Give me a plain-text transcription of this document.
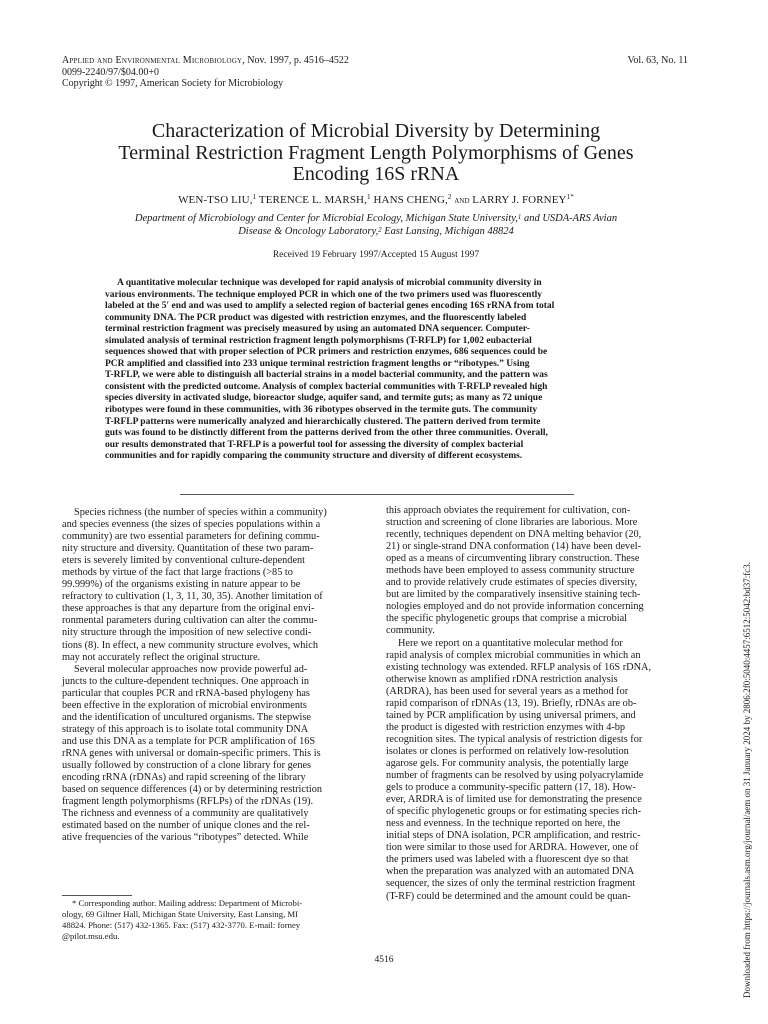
Applied and Environmental Microbiology, Nov. 1997, p. 4516–4522
0099-2240/97/$04.00+0
Copyright © 1997, American Society for Microbiology
Vol. 63, No. 11
Characterization of Microbial Diversity by Determining
Terminal Restriction Fragment Length Polymorphisms of Genes
Encoding 16S rRNA
WEN-TSO LIU,$^1$ TERENCE L. MARSH,$^1$ HANS CHENG,$^2$ and LARRY J. $FORNEY^{1*}$
Department of Microbiology and Center for Microbial Ecology, Michigan State University,$^1$ and USDA-ARS Avian
Disease & Oncology Laboratory,$^2$ East Lansing, Michigan 48824
Received 19 February 1997/Accepted 15 August 1997
A quantitative molecular technique was developed for rapid analysis of microbial community diversity in
various environments. The technique employed PCR in which one of the two primers used was fluorescently
labeled at the 5′ end and was used to amplify a selected region of bacterial genes encoding 16S rRNA from total
community DNA. The PCR product was digested with restriction enzymes, and the fluorescently labeled
terminal restriction fragment was precisely measured by using an automated DNA sequencer. Computer-
simulated analysis of terminal restriction fragment length polymorphisms (T-RFLP) for 1,002 eubacterial
sequences showed that with proper selection of PCR primers and restriction enzymes, 686 sequences could be
PCR amplified and classified into 233 unique terminal restriction fragment lengths or “ribotypes.” Using
T-RFLP, we were able to distinguish all bacterial strains in a model bacterial community, and the pattern was
consistent with the predicted outcome. Analysis of complex bacterial communities with T-RFLP revealed high
species diversity in activated sludge, bioreactor sludge, aquifer sand, and termite guts; as many as 72 unique
ribotypes were found in these communities, with 36 ribotypes observed in the termite guts. The community
T-RFLP patterns were numerically analyzed and hierarchically clustered. The pattern derived from termite
guts was found to be distinctly different from the patterns derived from the other three communities. Overall,
our results demonstrated that T-RFLP is a powerful tool for assessing the diversity of complex bacterial
communities and for rapidly comparing the community structure and diversity of different ecosystems.
Species richness (the number of species within a community)
and species evenness (the sizes of species populations within a
community) are two essential parameters for defining commu-
nity structure and diversity. Quantitation of these two param-
eters is severely limited by conventional culture-dependent
methods by virtue of the fact that large fractions (>85 to
99.999%) of the organisms existing in nature appear to be
refractory to cultivation (1, 3, 11, 30, 35). Another limitation of
these approaches is that any departure from the original envi-
ronmental parameters during cultivation can alter the commu-
nity structure through the imposition of new selective condi-
tions (8). In effect, a new community structure evolves, which
may not accurately reflect the original structure.
Several molecular approaches now provide powerful ad-
juncts to the culture-dependent techniques. One approach in
particular that couples PCR and rRNA-based phylogeny has
been effective in the exploration of microbial environments
and the identification of uncultured organisms. The stepwise
strategy of this approach is to isolate total community DNA
and use this DNA as a template for PCR amplification of 16S
rRNA genes with universal or domain-specific primers. This is
usually followed by construction of a clone library for genes
encoding rRNA (rDNAs) and rapid screening of the library
based on sequence differences (4) or by determining restriction
fragment length polymorphisms (RFLPs) of the rDNAs (19).
The richness and evenness of a community are qualitatively
estimated based on the number of unique clones and the rel-
ative frequencies of the various “ribotypes” detected. While
this approach obviates the requirement for cultivation, con-
struction and screening of clone libraries are laborious. More
recently, techniques dependent on DNA melting behavior (20,
21) or single-strand DNA conformation (14) have been devel-
oped as a means of circumventing library construction. These
methods have been employed to assess community structure
and to provide relatively crude estimates of species diversity,
but are limited by the comparatively insensitive staining tech-
nologies employed and do not provide information concerning
the specific phylogenetic groups that comprise a microbial
community.
Here we report on a quantitative molecular method for
rapid analysis of complex microbial communities in which an
existing technology was extended. RFLP analysis of 16S rDNA,
otherwise known as amplified rDNA restriction analysis
(ARDRA), has been used for several years as a method for
rapid comparison of rDNAs (13, 19). Briefly, rDNAs are ob-
tained by PCR amplification by using universal primers, and
the product is digested with restriction enzymes with 4-bp
recognition sites. The typical analysis of restriction digests for
isolates or clones is performed on relatively low-resolution
agarose gels. For community analysis, the potentially large
number of fragments can be resolved by using polyacrylamide
gels to produce a community-specific pattern (17, 18). How-
ever, ARDRA is of limited use for demonstrating the presence
of specific phylogenetic groups or for estimating species rich-
ness and evenness. In the technique reported on here, the
initial steps of DNA isolation, PCR amplification, and restric-
tion were similar to those used for ARDRA. However, one of
the primers used was labeled with a fluorescent dye so that
when the preparation was analyzed with an automated DNA
sequencer, the sizes of only the terminal restriction fragment
(T-RF) could be determined and the amount could be quan-
* Corresponding author. Mailing address: Department of Microbi-
ology, 69 Giltner Hall, Michigan State University, East Lansing, MI
48824. Phone: (517) 432-1365. Fax: (517) 432-3770. E-mail: forney
@pilot.msu.edu.
4516	Downloaded from https://journals.asm.org/journal/aem on 31 January 2024 by 2806:2f0:5040:4457:6512:5042:bd37:fc3.
